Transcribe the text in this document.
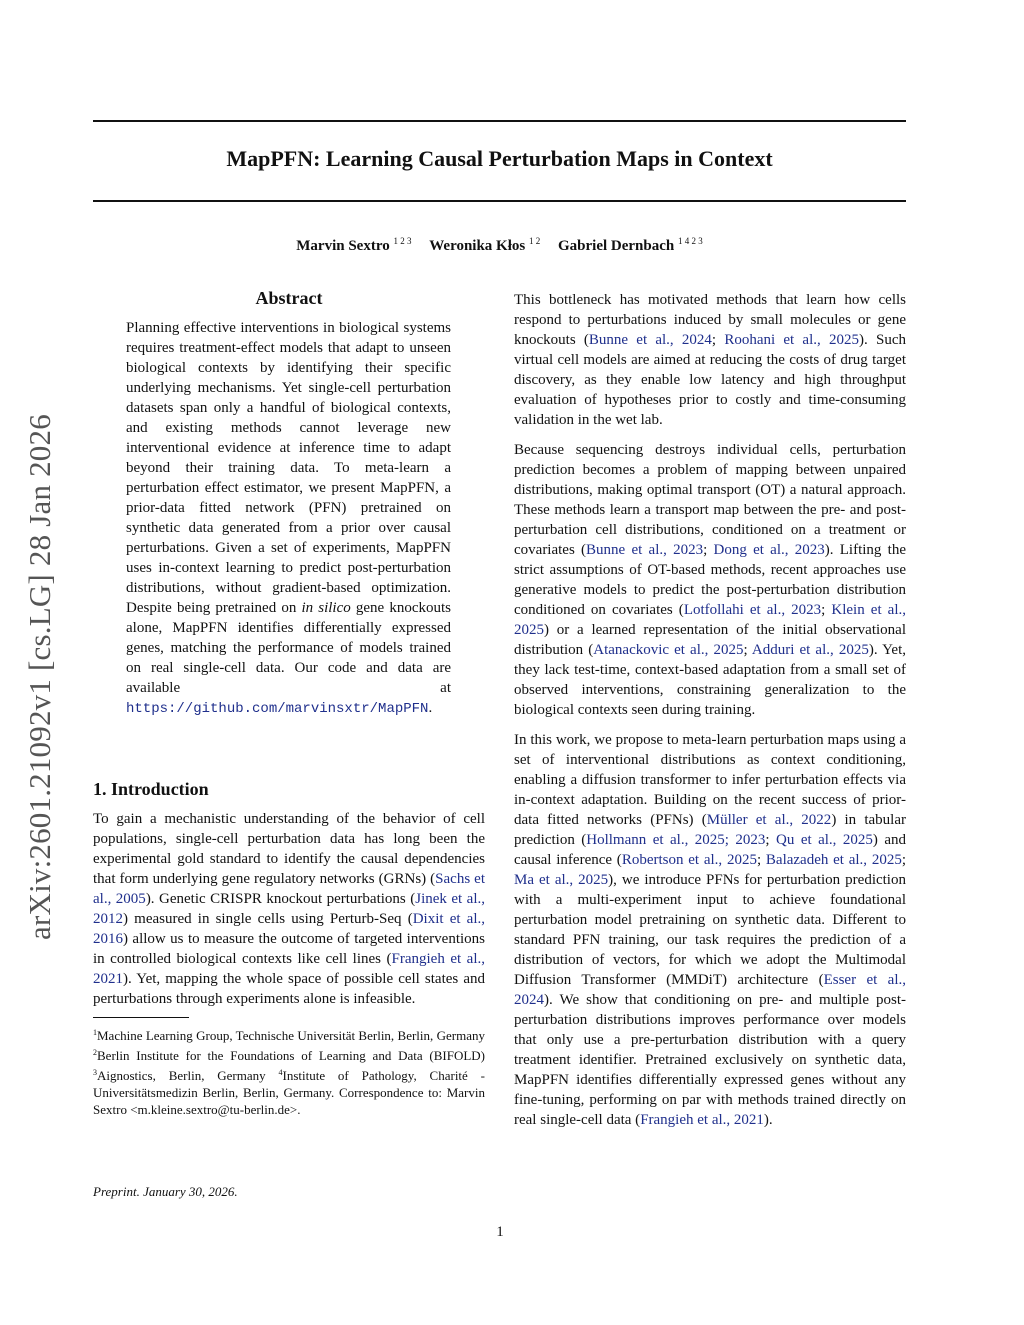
arXiv:2601.21092v1 [cs.LG] 28 Jan 2026
MapPFN: Learning Causal Perturbation Maps in Context
Marvin Sextro $^{1 2 3}$ Weronika Kłos $^{1 2}$ Gabriel Dernbach $^{1 4 2 3}$
Abstract
Planning effective interventions in biological systems requires treatment-effect models that adapt to unseen biological contexts by identifying their specific underlying mechanisms. Yet single-cell perturbation datasets span only a handful of biological contexts, and existing methods cannot leverage new interventional evidence at inference time to adapt beyond their training data. To meta-learn a perturbation effect estimator, we present MapPFN, a prior-data fitted network (PFN) pretrained on synthetic data generated from a prior over causal perturbations. Given a set of experiments, MapPFN uses in-context learning to predict post-perturbation distributions, without gradient-based optimization. Despite being pretrained on in silico gene knockouts alone, MapPFN identifies differentially expressed genes, matching the performance of models trained on real single-cell data. Our code and data are available at https://github.com/marvinsxtr/MapPFN.
1. Introduction

To gain a mechanistic understanding of the behavior of cell populations, single-cell perturbation data has long been the experimental gold standard to identify the causal dependencies that form underlying gene regulatory networks (GRNs) (Sachs et al., 2005). Genetic CRISPR knockout perturbations (Jinek et al., 2012) measured in single cells using Perturb-Seq (Dixit et al., 2016) allow us to measure the outcome of targeted interventions in controlled biological contexts like cell lines (Frangieh et al., 2021). Yet, mapping the whole space of possible cell states and perturbations through experiments alone is infeasible.

$^1$Machine Learning Group, Technische Universität Berlin, Berlin, Germany $^2$Berlin Institute for the Foundations of Learning and Data (BIFOLD) $^3$Aignostics, Berlin, Germany $^4$Institute of Pathology, Charité - Universitätsmedizin Berlin, Berlin, Germany. Correspondence to: Marvin Sextro <m.kleine.sextro@tu-berlin.de>.
Preprint. January 30, 2026.

This bottleneck has motivated methods that learn how cells respond to perturbations induced by small molecules or gene knockouts (Bunne et al., 2024; Roohani et al., 2025). Such virtual cell models are aimed at reducing the costs of drug target discovery, as they enable low latency and high throughput evaluation of hypotheses prior to costly and time-consuming validation in the wet lab.

Because sequencing destroys individual cells, perturbation prediction becomes a problem of mapping between unpaired distributions, making optimal transport (OT) a natural approach. These methods learn a transport map between the pre- and post-perturbation cell distributions, conditioned on a treatment or covariates (Bunne et al., 2023; Dong et al., 2023). Lifting the strict assumptions of OT-based methods, recent approaches use generative models to predict the post-perturbation distribution conditioned on covariates (Lotfollahi et al., 2023; Klein et al., 2025) or a learned representation of the initial observational distribution (Atanackovic et al., 2025; Adduri et al., 2025). Yet, they lack test-time, context-based adaptation from a small set of observed interventions, constraining generalization to the biological contexts seen during training.

In this work, we propose to meta-learn perturbation maps using a set of interventional distributions as context conditioning, enabling a diffusion transformer to infer perturbation effects via in-context adaptation. Building on the recent success of prior-data fitted networks (PFNs) (Müller et al., 2022) in tabular prediction (Hollmann et al., 2025; 2023; Qu et al., 2025) and causal inference (Robertson et al., 2025; Balazadeh et al., 2025; Ma et al., 2025), we introduce PFNs for perturbation prediction with a multi-experiment input to achieve foundational perturbation model pretraining on synthetic data. Different to standard PFN training, our task requires the prediction of a distribution of vectors, for which we adopt the Multimodal Diffusion Transformer (MMDiT) architecture (Esser et al., 2024). We show that conditioning on pre- and multiple post-perturbation distributions improves performance over models that only use a pre-perturbation distribution with a query treatment identifier. Pretrained exclusively on synthetic data, MapPFN identifies differentially expressed genes without any fine-tuning, performing on par with methods trained directly on real single-cell data (Frangieh et al., 2021).

1
